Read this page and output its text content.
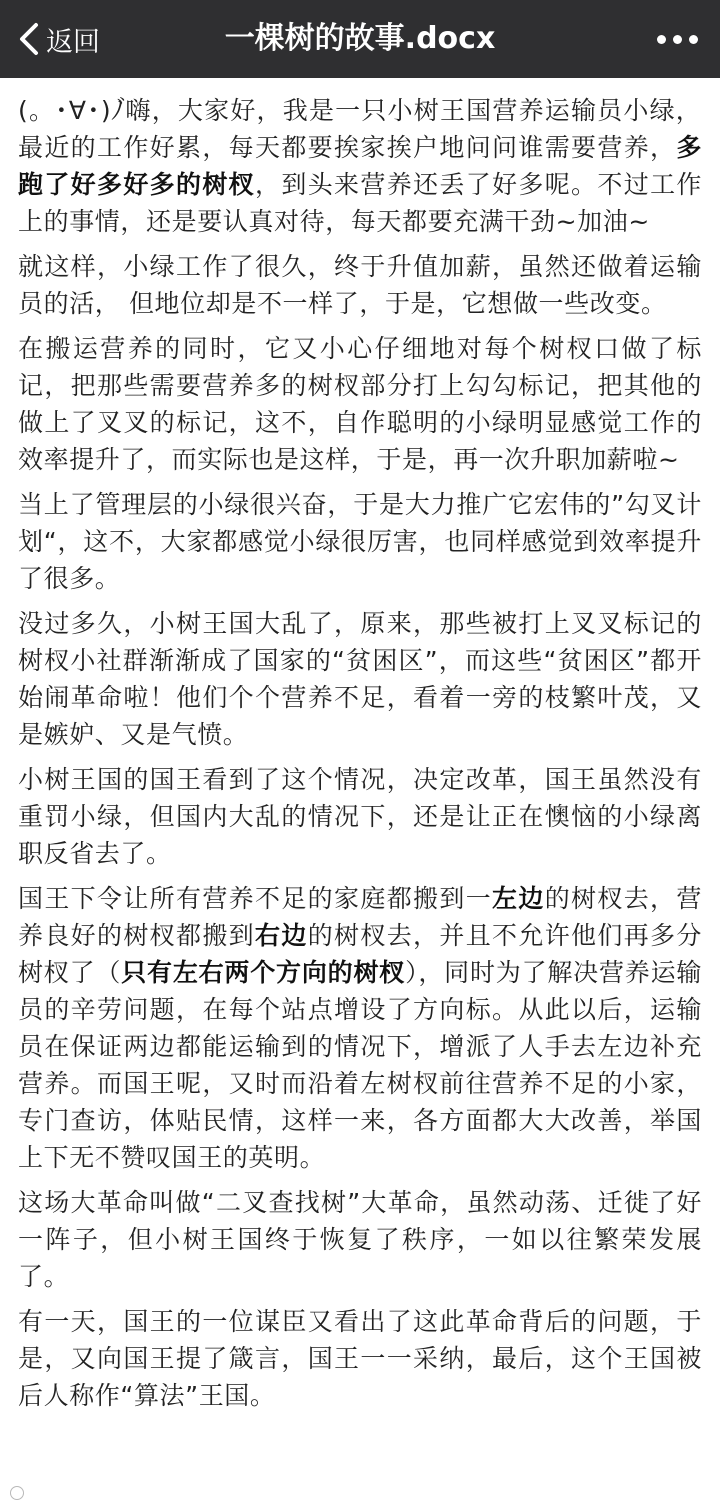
返回	一棵树的故事.docx

(。･∀･)ﾉ゙嗨，大家好，我是一只小树王国营养运输员小绿，最近的工作好累，每天都要挨家挨户地问问谁需要营养，多跑了好多好多的树杈，到头来营养还丢了好多呢。不过工作上的事情，还是要认真对待，每天都要充满干劲~加油~

就这样，小绿工作了很久，终于升值加薪，虽然还做着运输员的活， 但地位却是不一样了，于是，它想做一些改变。

在搬运营养的同时，它又小心仔细地对每个树杈口做了标记，把那些需要营养多的树杈部分打上勾勾标记，把其他的做上了叉叉的标记，这不，自作聪明的小绿明显感觉工作的效率提升了，而实际也是这样，于是，再一次升职加薪啦~

当上了管理层的小绿很兴奋，于是大力推广它宏伟的”勾叉计划“，这不，大家都感觉小绿很厉害，也同样感觉到效率提升了很多。

没过多久，小树王国大乱了，原来，那些被打上叉叉标记的树杈小社群渐渐成了国家的“贫困区”，而这些“贫困区”都开始闹革命啦！他们个个营养不足，看着一旁的枝繁叶茂，又是嫉妒、又是气愤。

小树王国的国王看到了这个情况，决定改革，国王虽然没有重罚小绿，但国内大乱的情况下，还是让正在懊恼的小绿离职反省去了。

国王下令让所有营养不足的家庭都搬到一左边的树杈去，营养良好的树杈都搬到右边的树杈去，并且不允许他们再多分树杈了（只有左右两个方向的树杈），同时为了解决营养运输员的辛劳问题，在每个站点增设了方向标。从此以后，运输员在保证两边都能运输到的情况下，增派了人手去左边补充营养。而国王呢，又时而沿着左树杈前往营养不足的小家，专门查访，体贴民情，这样一来，各方面都大大改善，举国上下无不赞叹国王的英明。

这场大革命叫做“二叉查找树”大革命，虽然动荡、迁徙了好一阵子，但小树王国终于恢复了秩序，一如以往繁荣发展了。

有一天，国王的一位谋臣又看出了这此革命背后的问题，于是，又向国王提了箴言，国王一一采纳，最后，这个王国被后人称作“算法”王国。
